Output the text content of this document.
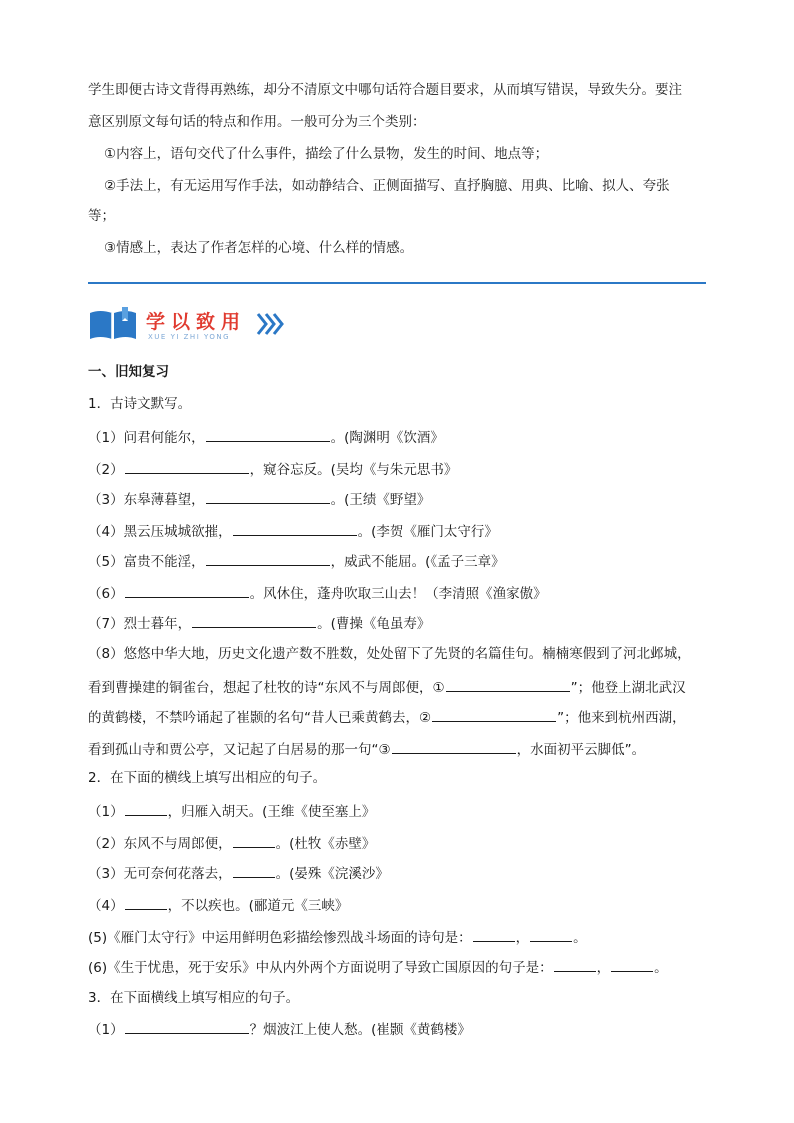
学生即便古诗文背得再熟练，却分不清原文中哪句话符合题目要求，从而填写错误，导致失分。要注
意区别原文每句话的特点和作用。一般可分为三个类别：
①内容上，语句交代了什么事件，描绘了什么景物，发生的时间、地点等；
②手法上，有无运用写作手法，如动静结合、正侧面描写、直抒胸臆、用典、比喻、拟人、夸张
等；
③情感上，表达了作者怎样的心境、什么样的情感。
学以致用
XUE YI ZHI YONG
一、旧知复习
1．古诗文默写。
（1）问君何能尔，	。(陶渊明《饮酒》
（2）	，窥谷忘反。(吴均《与朱元思书》
（3）东皋薄暮望，	。(王绩《野望》
（4）黑云压城城欲摧，	。(李贺《雁门太守行》
（5）富贵不能淫，	，威武不能屈。(《孟子三章》
（6）	。风休住，蓬舟吹取三山去！（李清照《渔家傲》
（7）烈士暮年，	。(曹操《龟虽寿》
（8）悠悠中华大地，历史文化遗产数不胜数，处处留下了先贤的名篇佳句。楠楠寒假到了河北邺城，
看到曹操建的铜雀台，想起了杜牧的诗“东风不与周郎便，①	”；他登上湖北武汉
的黄鹤楼，不禁吟诵起了崔颢的名句“昔人已乘黄鹤去，②	”；他来到杭州西湖，
看到孤山寺和贾公亭，又记起了白居易的那一句“③	，水面初平云脚低”。
2．在下面的横线上填写出相应的句子。
（1）	，归雁入胡天。(王维《使至塞上》
（2）东风不与周郎便，	。(杜牧《赤壁》
（3）无可奈何花落去，	。(晏殊《浣溪沙》
（4）	，不以疾也。(郦道元《三峡》
(5)《雁门太守行》中运用鲜明色彩描绘惨烈战斗场面的诗句是：	，	。
(6)《生于忧患，死于安乐》中从内外两个方面说明了导致亡国原因的句子是：	，	。
3．在下面横线上填写相应的句子。
（1）	？烟波江上使人愁。(崔颢《黄鹤楼》
